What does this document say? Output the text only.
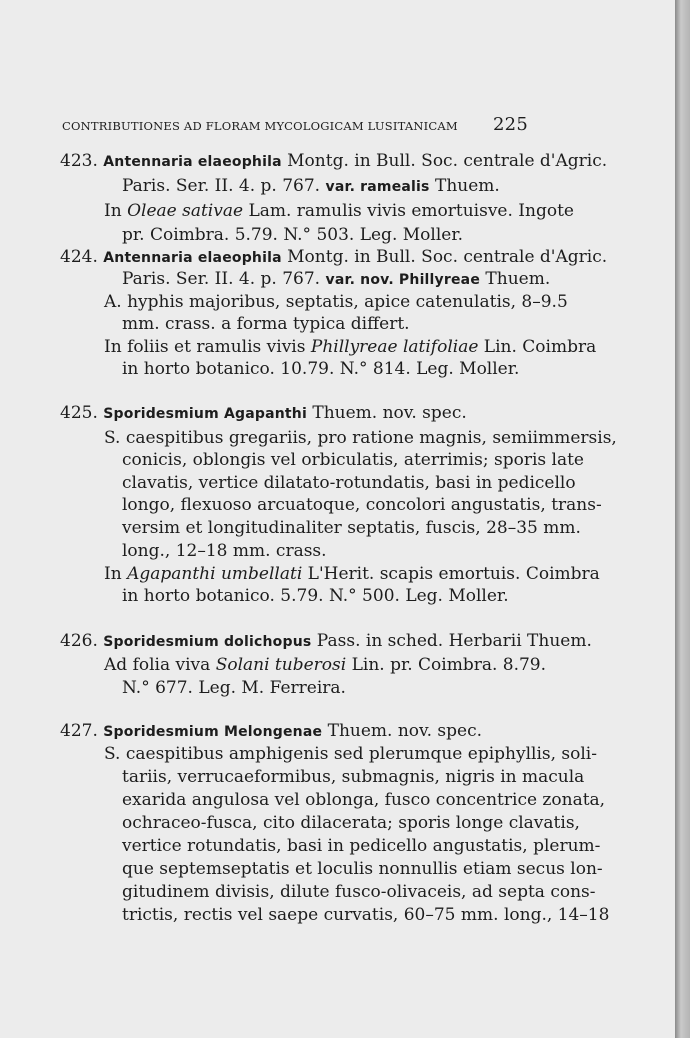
CONTRIBUTIONES AD FLORAM MYCOLOGICAM LUSITANICAM 225
423. Antennaria elaeophila Montg. in Bull. Soc. centrale d'Agric.
Paris. Ser. II. 4. p. 767. var. ramealis Thuem.
In Oleae sativae Lam. ramulis vivis emortuisve. Ingote
pr. Coimbra. 5.79. N.° 503. Leg. Moller.
424. Antennaria elaeophila Montg. in Bull. Soc. centrale d'Agric.
Paris. Ser. II. 4. p. 767. var. nov. Phillyreae Thuem.
A. hyphis majoribus, septatis, apice catenulatis, 8–9.5
mm. crass. a forma typica differt.
In foliis et ramulis vivis Phillyreae latifoliae Lin. Coimbra
in horto botanico. 10.79. N.° 814. Leg. Moller.
425. Sporidesmium Agapanthi Thuem. nov. spec.
S. caespitibus gregariis, pro ratione magnis, semiimmersis,
conicis, oblongis vel orbiculatis, aterrimis; sporis late
clavatis, vertice dilatato-rotundatis, basi in pedicello
longo, flexuoso arcuatoque, concolori angustatis, trans-
versim et longitudinaliter septatis, fuscis, 28–35 mm.
long., 12–18 mm. crass.
In Agapanthi umbellati L'Herit. scapis emortuis. Coimbra
in horto botanico. 5.79. N.° 500. Leg. Moller.
426. Sporidesmium dolichopus Pass. in sched. Herbarii Thuem.
Ad folia viva Solani tuberosi Lin. pr. Coimbra. 8.79.
N.° 677. Leg. M. Ferreira.
427. Sporidesmium Melongenae Thuem. nov. spec.
S. caespitibus amphigenis sed plerumque epiphyllis, soli-
tariis, verrucaeformibus, submagnis, nigris in macula
exarida angulosa vel oblonga, fusco concentrice zonata,
ochraceo-fusca, cito dilacerata; sporis longe clavatis,
vertice rotundatis, basi in pedicello angustatis, plerum-
que septemseptatis et loculis nonnullis etiam secus lon-
gitudinem divisis, dilute fusco-olivaceis, ad septa cons-
trictis, rectis vel saepe curvatis, 60–75 mm. long., 14–18
